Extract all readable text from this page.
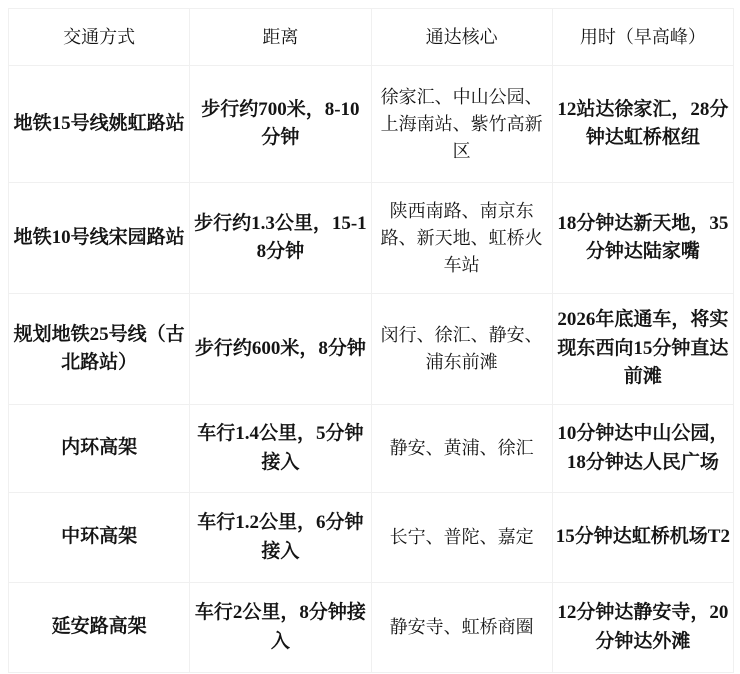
交通方式	距离	通达核心	用时（早高峰）
地铁15号线姚虹路站	步行约700米，8-10分钟	徐家汇、中山公园、上海南站、紫竹高新区	12站达徐家汇，28分钟达虹桥枢纽
地铁10号线宋园路站	步行约1.3公里，15-18分钟	陕西南路、南京东路、新天地、虹桥火车站	18分钟达新天地，35分钟达陆家嘴
规划地铁25号线（古北路站）	步行约600米，8分钟	闵行、徐汇、静安、浦东前滩	2026年底通车，将实现东西向15分钟直达前滩
内环高架	车行1.4公里，5分钟接入	静安、黄浦、徐汇	10分钟达中山公园，18分钟达人民广场
中环高架	车行1.2公里，6分钟接入	长宁、普陀、嘉定	15分钟达虹桥机场T2
延安路高架	车行2公里，8分钟接入	静安寺、虹桥商圈	12分钟达静安寺，20分钟达外滩
